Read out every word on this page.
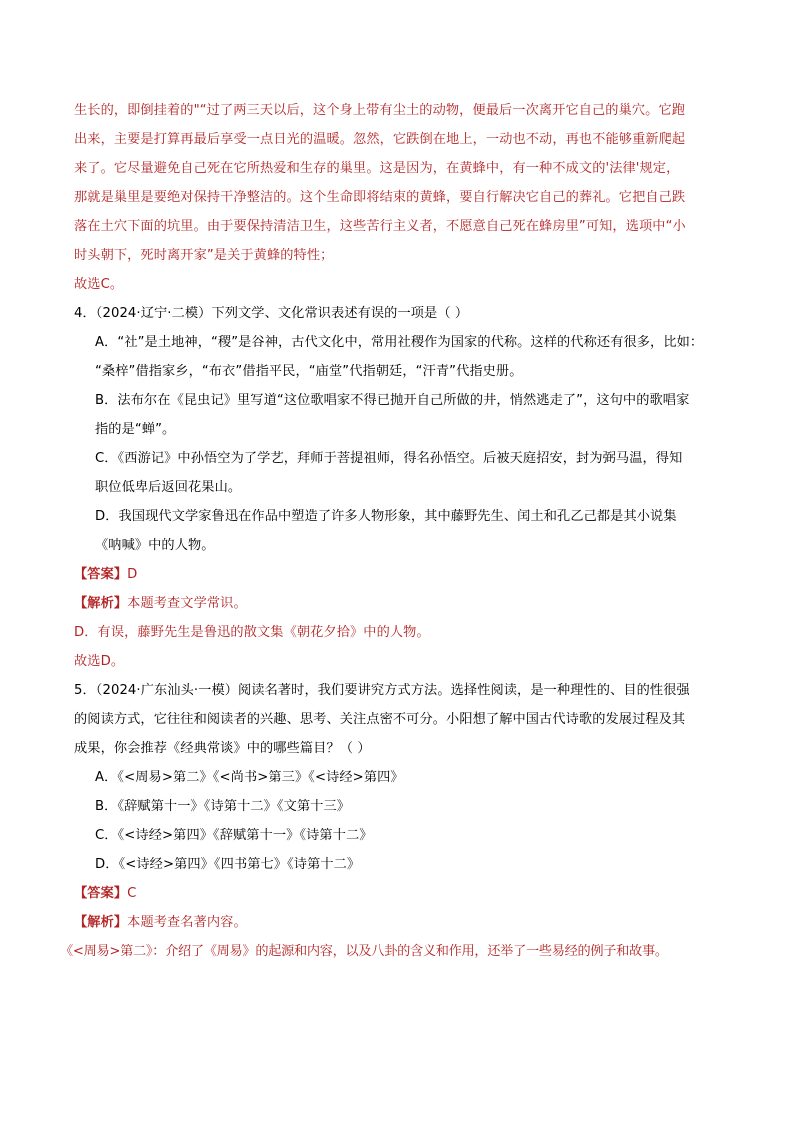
生长的，即倒挂着的"“过了两三天以后，这个身上带有尘土的动物，便最后一次离开它自己的巢穴。它跑
出来，主要是打算再最后享受一点日光的温暖。忽然，它跌倒在地上，一动也不动，再也不能够重新爬起
来了。它尽量避免自己死在它所热爱和生存的巢里。这是因为，在黄蜂中，有一种不成文的'法律'规定，
那就是巢里是要绝对保持干净整洁的。这个生命即将结束的黄蜂，要自行解决它自己的葬礼。它把自己跌
落在土穴下面的坑里。由于要保持清洁卫生，这些苦行主义者，不愿意自己死在蜂房里”可知，选项中“小
时头朝下，死时离开家”是关于黄蜂的特性；
故选C。
4．（2024·辽宁·二模）下列文学、文化常识表述有误的一项是（ ）
A．“社”是土地神，“稷”是谷神，古代文化中，常用社稷作为国家的代称。这样的代称还有很多，比如：
“桑梓”借指家乡，“布衣”借指平民，“庙堂”代指朝廷，“汗青”代指史册。
B．法布尔在《昆虫记》里写道“这位歌唱家不得已抛开自己所做的井，悄然逃走了”，这句中的歌唱家
指的是“蝉”。
C．《西游记》中孙悟空为了学艺，拜师于菩提祖师，得名孙悟空。后被天庭招安，封为弼马温，得知
职位低卑后返回花果山。
D．我国现代文学家鲁迅在作品中塑造了许多人物形象，其中藤野先生、闰土和孔乙己都是其小说集
《呐喊》中的人物。
【答案】D
【解析】本题考查文学常识。
D．有误，藤野先生是鲁迅的散文集《朝花夕拾》中的人物。
故选D。
5．（2024·广东汕头·一模）阅读名著时，我们要讲究方式方法。选择性阅读，是一种理性的、目的性很强
的阅读方式，它往往和阅读者的兴趣、思考、关注点密不可分。小阳想了解中国古代诗歌的发展过程及其
成果，你会推荐《经典常谈》中的哪些篇目？（ ）
A．《<周易>第二》《<尚书>第三》《<诗经>第四》
B．《辞赋第十一》《诗第十二》《文第十三》
C．《<诗经>第四》《辞赋第十一》《诗第十二》
D．《<诗经>第四》《四书第七》《诗第十二》
【答案】C
【解析】本题考查名著内容。
《<周易>第二》：介绍了《周易》的起源和内容，以及八卦的含义和作用，还举了一些易经的例子和故事。
